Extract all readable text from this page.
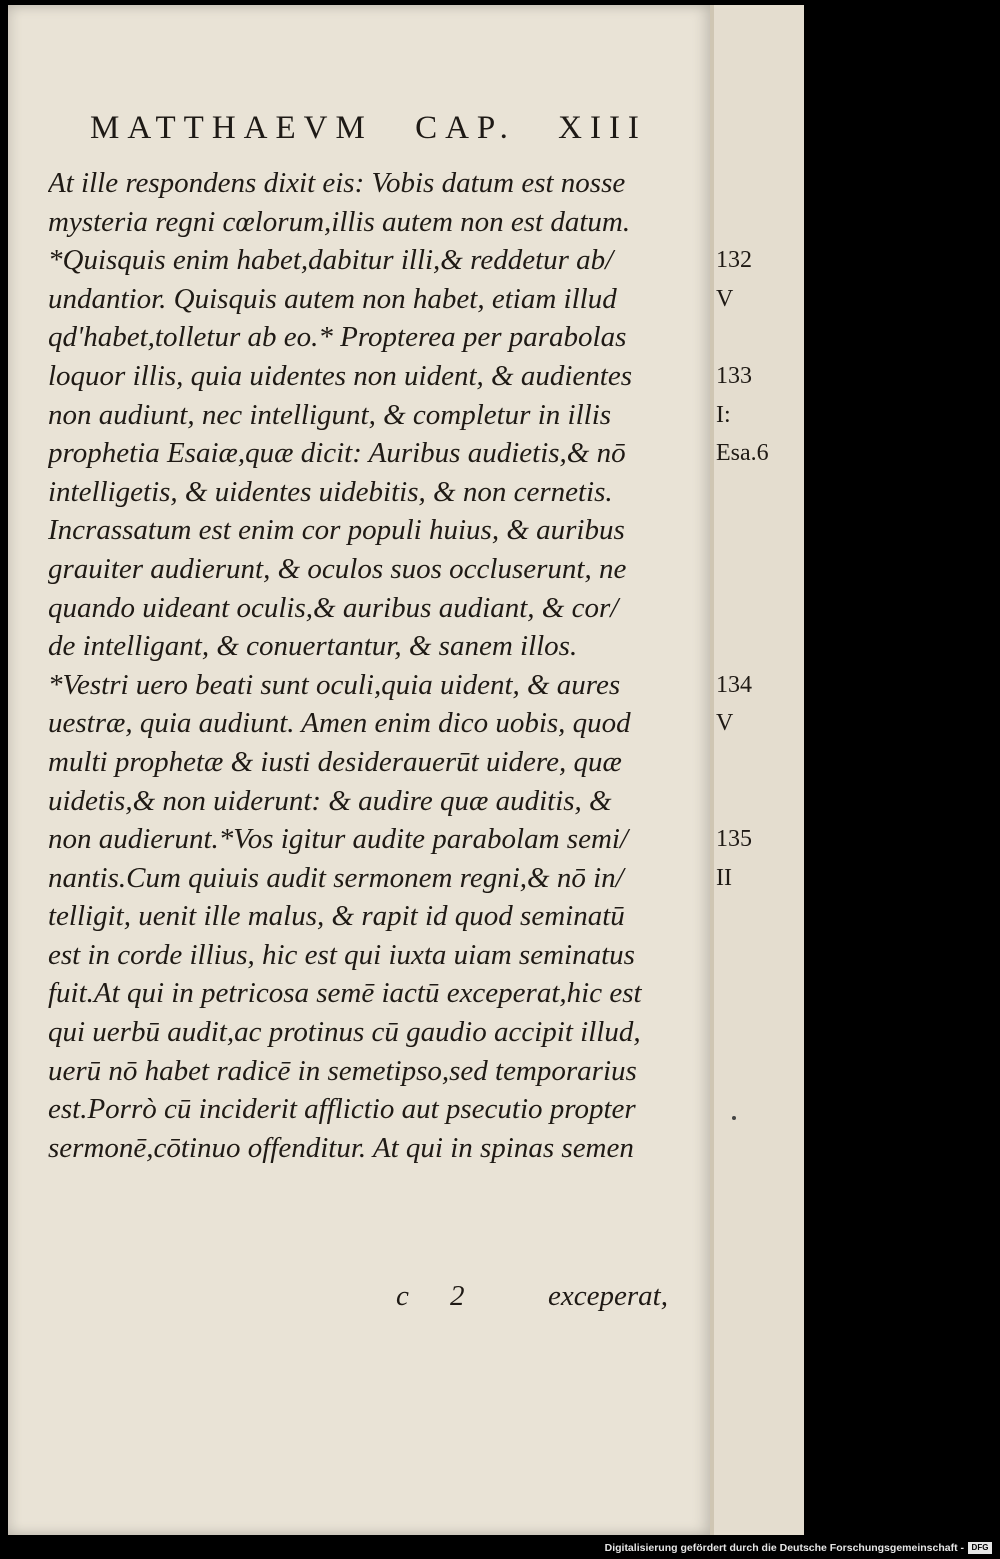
MATTHAEVM CAP. XIII
At ille respondens dixit eis: Vobis datum est nosse
mysteria regni cœlorum,illis autem non est datum.
*Quisquis enim habet,dabitur illi,& reddetur ab/
undantior. Quisquis autem non habet, etiam illud
qd'habet,tolletur ab eo.* Propterea per parabolas
loquor illis, quia uidentes non uident, & audientes
non audiunt, nec intelligunt, & completur in illis
prophetia Esaiæ,quæ dicit: Auribus audietis,& nō
intelligetis, & uidentes uidebitis, & non cernetis.
Incrassatum est enim cor populi huius, & auribus
grauiter audierunt, & oculos suos occluserunt, ne
quando uideant oculis,& auribus audiant, & cor/
de intelligant, & conuertantur, & sanem illos.
*Vestri uero beati sunt oculi,quia uident, & aures
uestræ, quia audiunt. Amen enim dico uobis, quod
multi prophetæ & iusti desiderauerūt uidere, quæ
uidetis,& non uiderunt: & audire quæ auditis, &
non audierunt.*Vos igitur audite parabolam semi/
nantis.Cum quiuis audit sermonem regni,& nō in/
telligit, uenit ille malus, & rapit id quod seminatū
est in corde illius, hic est qui iuxta uiam seminatus
fuit.At qui in petricosa semē iactū exceperat,hic est
qui uerbū audit,ac protinus cū gaudio accipit illud,
uerū nō habet radicē in semetipso,sed temporarius
est.Porrò cū inciderit afflictio aut psecutio propter
sermonē,cōtinuo offenditur. At qui in spinas semen
132
V
133
I:
Esa.6
134
V
135
II
c 2	exceperat,
Digitalisierung gefördert durch die Deutsche Forschungsgemeinschaft - DFG
